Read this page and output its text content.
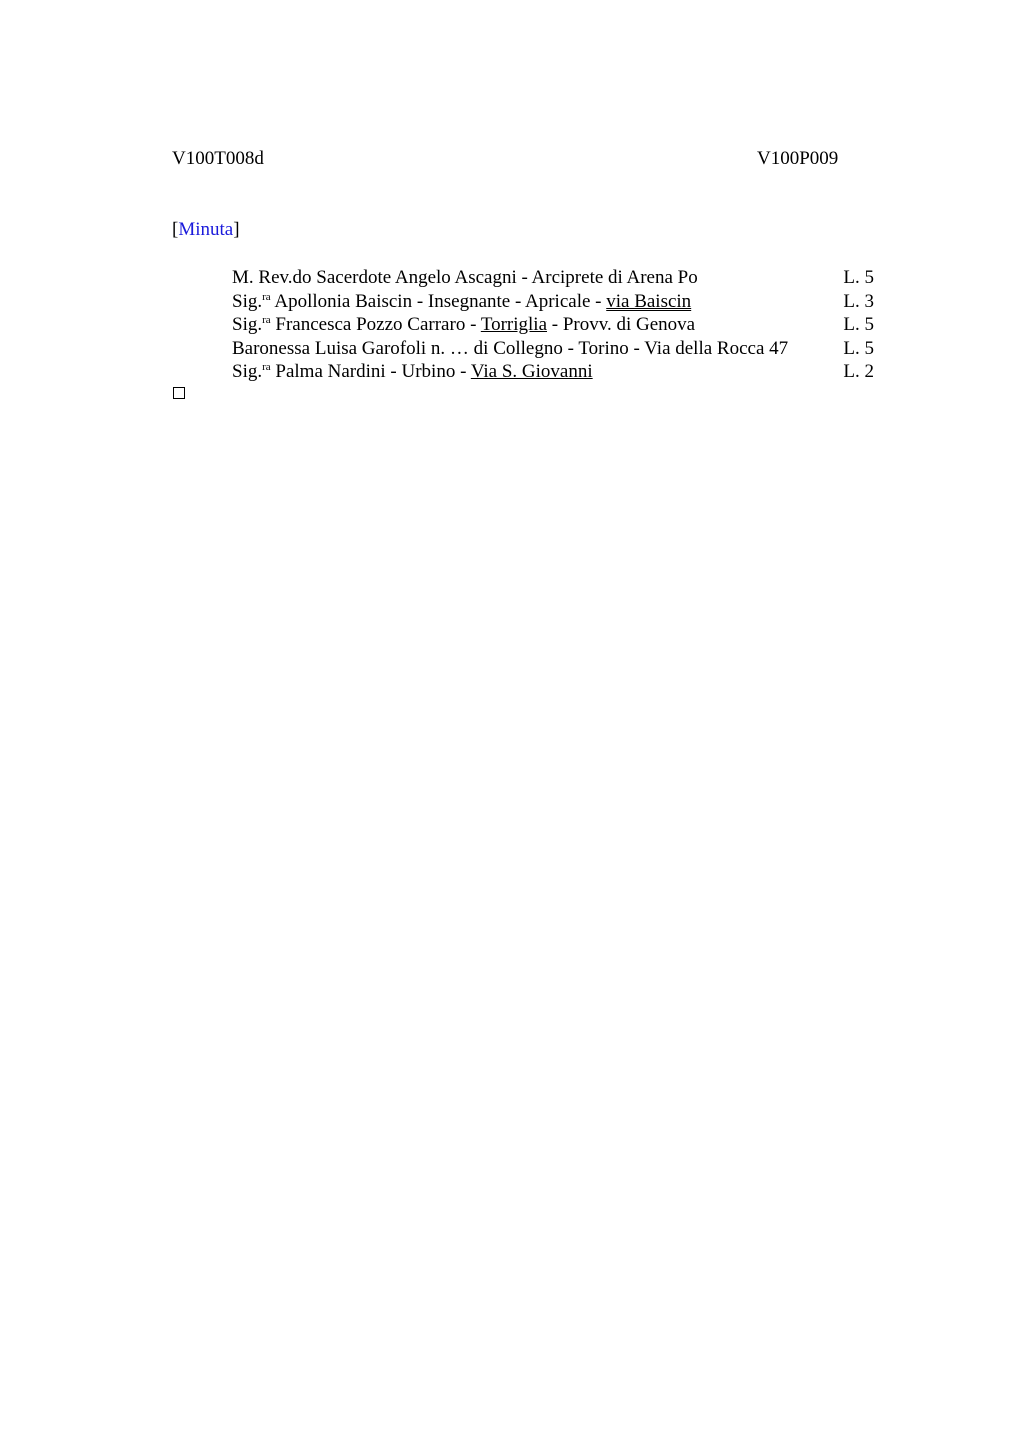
V100T008d	V100P009
[Minuta]
M. Rev.do Sacerdote Angelo Ascagni - Arciprete di Arena Po	L. 5
Sig.$^{ra}$ Apollonia Baiscin - Insegnante - Apricale - via Baiscin	L. 3
Sig.$^{ra}$ Francesca Pozzo Carraro - Torriglia - Provv. di Genova	L. 5
Baronessa Luisa Garofoli n. … di Collegno - Torino - Via della Rocca 47	L. 5
Sig.$^{ra}$ Palma Nardini - Urbino - Via S. Giovanni	L. 2
